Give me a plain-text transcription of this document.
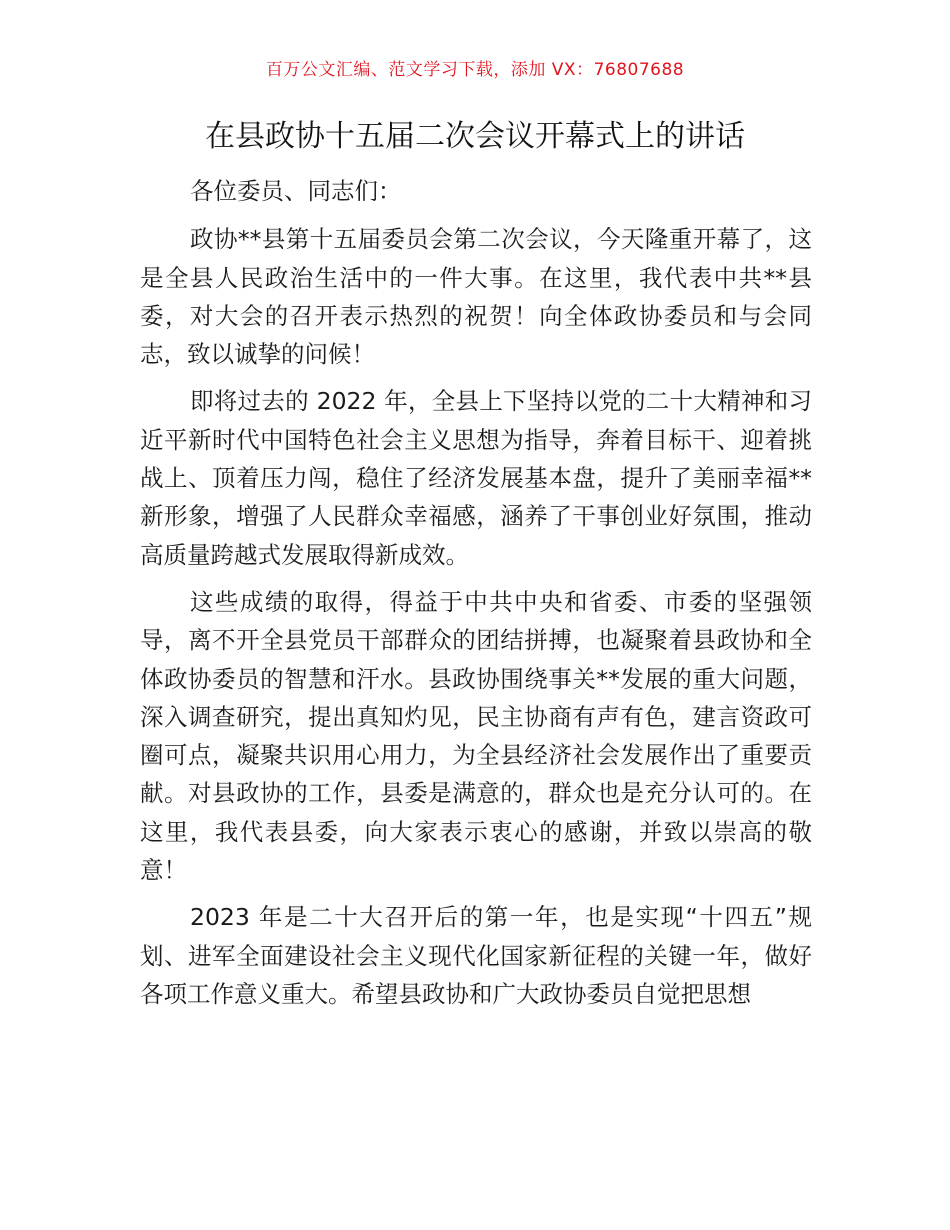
百万公文汇编、范文学习下载，添加 VX：76807688
在县政协十五届二次会议开幕式上的讲话

各位委员、同志们：

政协**县第十五届委员会第二次会议，今天隆重开幕了，这是全县人民政治生活中的一件大事。在这里，我代表中共**县委，对大会的召开表示热烈的祝贺！向全体政协委员和与会同志，致以诚挚的问候！

即将过去的 2022 年，全县上下坚持以党的二十大精神和习近平新时代中国特色社会主义思想为指导，奔着目标干、迎着挑战上、顶着压力闯，稳住了经济发展基本盘，提升了美丽幸福**新形象，增强了人民群众幸福感，涵养了干事创业好氛围，推动高质量跨越式发展取得新成效。

这些成绩的取得，得益于中共中央和省委、市委的坚强领导，离不开全县党员干部群众的团结拼搏，也凝聚着县政协和全体政协委员的智慧和汗水。县政协围绕事关**发展的重大问题，深入调查研究，提出真知灼见，民主协商有声有色，建言资政可圈可点，凝聚共识用心用力，为全县经济社会发展作出了重要贡献。对县政协的工作，县委是满意的，群众也是充分认可的。在这里，我代表县委，向大家表示衷心的感谢，并致以崇高的敬意！

2023 年是二十大召开后的第一年，也是实现“十四五”规划、进军全面建设社会主义现代化国家新征程的关键一年，做好各项工作意义重大。希望县政协和广大政协委员自觉把思想
